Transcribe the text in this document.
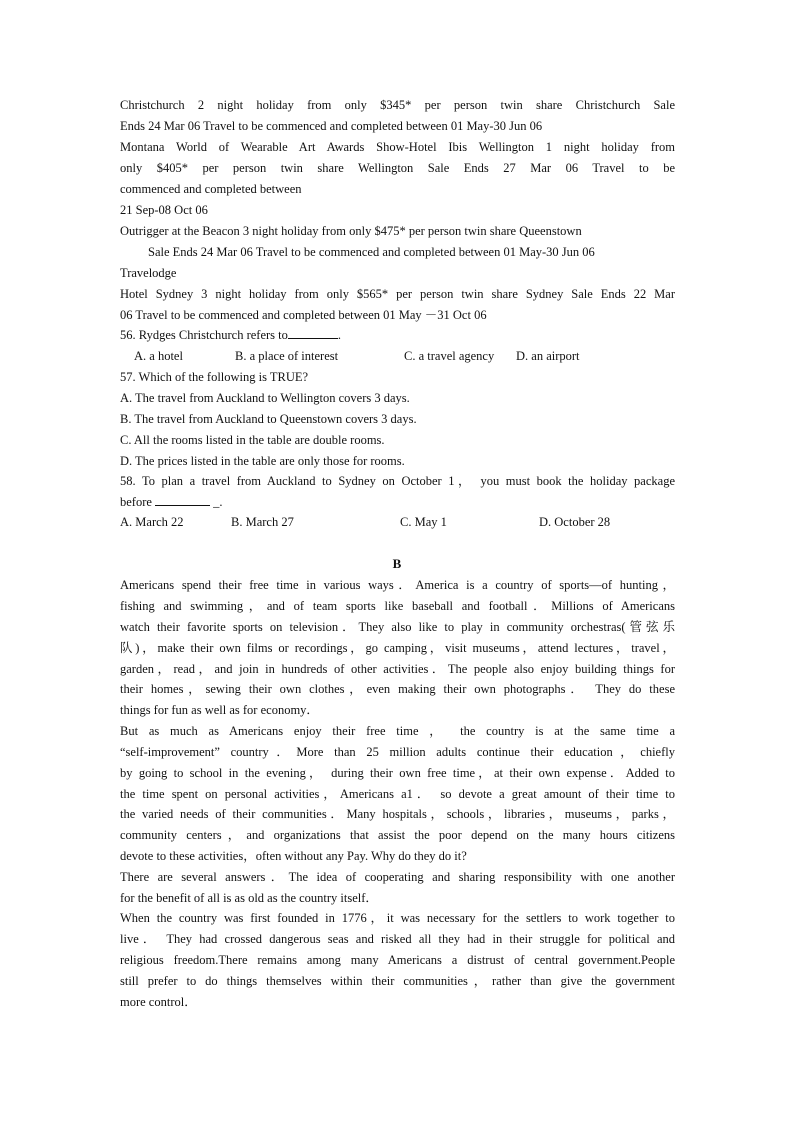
Christchurch 2 night holiday from only $345* per person twin share Christchurch Sale
Ends 24 Mar 06 Travel to be commenced and completed between 01 May-30 Jun 06
Montana World of Wearable Art Awards Show-Hotel Ibis Wellington 1 night holiday from
only $405* per person twin share Wellington Sale Ends 27 Mar 06 Travel to be
commenced and completed between
21 Sep-08 Oct 06
Outrigger at the Beacon 3 night holiday from only $475* per person twin share Queenstown
Sale Ends 24 Mar 06 Travel to be commenced and completed between 01 May-30 Jun 06
Travelodge
Hotel Sydney 3 night holiday from only $565* per person twin share Sydney Sale Ends 22 Mar
06 Travel to be commenced and completed between 01 May －31 Oct 06
56. Rydges Christchurch refers to	.
A. a hotel	B. a place of interest	C. a travel agency D. an airport
57. Which of the following is TRUE?
A. The travel from Auckland to Wellington covers 3 days.
B. The travel from Auckland to Queenstown covers 3 days.
C. All the rooms listed in the table are double rooms.
D. The prices listed in the table are only those for rooms.
58. To plan a travel from Auckland to Sydney on October 1， you must book the holiday package
before	_.
A. March 22	B. March 27	C. May 1	D. October 28
B
Americans spend their free time in various ways．America is a country of sports—of hunting，
fishing and swimming，and of team sports like baseball and football．Millions of Americans
watch their favorite sports on television．They also like to play in community orchestras(管弦乐
队)，make their own films or recordings，go camping，visit museums，attend lectures，travel，
garden，read，and join in hundreds of other activities．The people also enjoy building things for
their homes，sewing their own clothes，even making their own photographs． They do these
things for fun as well as for economy．
But as much as Americans enjoy their free time ， the country is at the same time a
“self-improvement” country．More than 25 million adults continue their education，chiefly
by going to school in the evening， during their own free time，at their own expense．Added to
the time spent on personal activities，Americans a1． so devote a great amount of their time to
the varied needs of their communities．Many hospitals，schools，libraries，museums，parks，
community centers，and organizations that assist the poor depend on the many hours citizens
devote to these activities，often without any Pay. Why do they do it?
There are several answers．The idea of cooperating and sharing responsibility with one another
for the benefit of all is as old as the country itself．
When the country was first founded in 1776，it was necessary for the settlers to work together to
live． They had crossed dangerous seas and risked all they had in their struggle for political and
religious freedom.There remains among many Americans a distrust of central government.People
still prefer to do things themselves within their communities，rather than give the government
more control．
